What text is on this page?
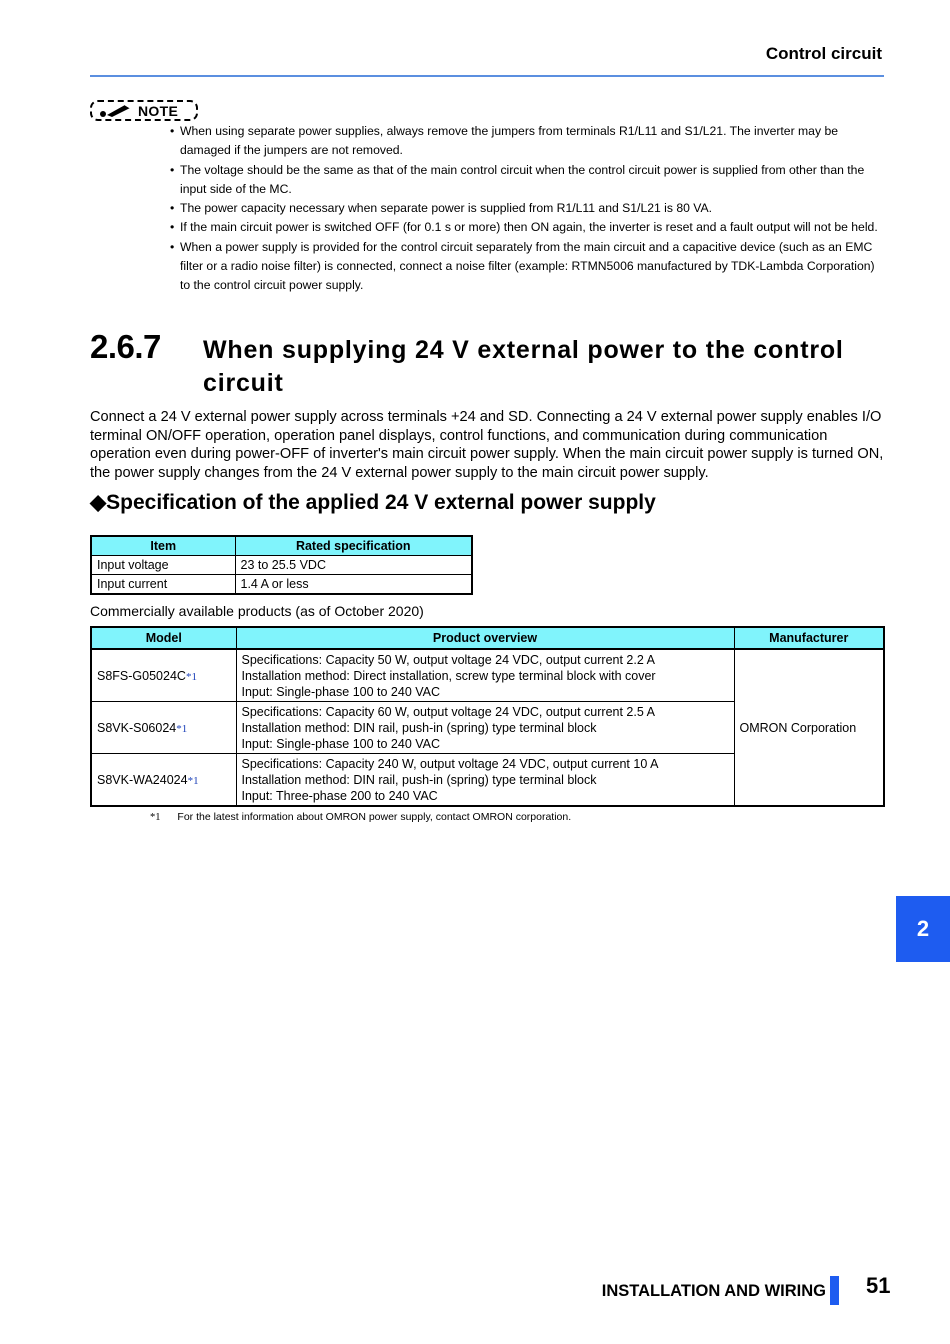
Control circuit
NOTE
• When using separate power supplies, always remove the jumpers from terminals R1/L11 and S1/L21. The inverter may be damaged if the jumpers are not removed.
• The voltage should be the same as that of the main control circuit when the control circuit power is supplied from other than the input side of the MC.
• The power capacity necessary when separate power is supplied from R1/L11 and S1/L21 is 80 VA.
• If the main circuit power is switched OFF (for 0.1 s or more) then ON again, the inverter is reset and a fault output will not be held.
• When a power supply is provided for the control circuit separately from the main circuit and a capacitive device (such as an EMC filter or a radio noise filter) is connected, connect a noise filter (example: RTMN5006 manufactured by TDK-Lambda Corporation) to the control circuit power supply.
2.6.7 When supplying 24 V external power to the control circuit

Connect a 24 V external power supply across terminals +24 and SD. Connecting a 24 V external power supply enables I/O terminal ON/OFF operation, operation panel displays, control functions, and communication during communication operation even during power-OFF of inverter's main circuit power supply. When the main circuit power supply is turned ON, the power supply changes from the 24 V external power supply to the main circuit power supply.

◆Specification of the applied 24 V external power supply
Item	Rated specification
Input voltage	23 to 25.5 VDC
Input current	1.4 A or less
Commercially available products (as of October 2020)
Model	Product overview	Manufacturer
S8FS-G05024C*1	Specifications: Capacity 50 W, output voltage 24 VDC, output current 2.2 A
Installation method: Direct installation, screw type terminal block with cover
Input: Single-phase 100 to 240 VAC	OMRON Corporation
S8VK-S06024*1	Specifications: Capacity 60 W, output voltage 24 VDC, output current 2.5 A
Installation method: DIN rail, push-in (spring) type terminal block
Input: Single-phase 100 to 240 VAC	

S8VK-WA24024*1	Specifications: Capacity 240 W, output voltage 24 VDC, output current 10 A
Installation method: DIN rail, push-in (spring) type terminal block
Input: Three-phase 200 to 240 VAC	
*1 For the latest information about OMRON power supply, contact OMRON corporation.
2
INSTALLATION AND WIRING 51
